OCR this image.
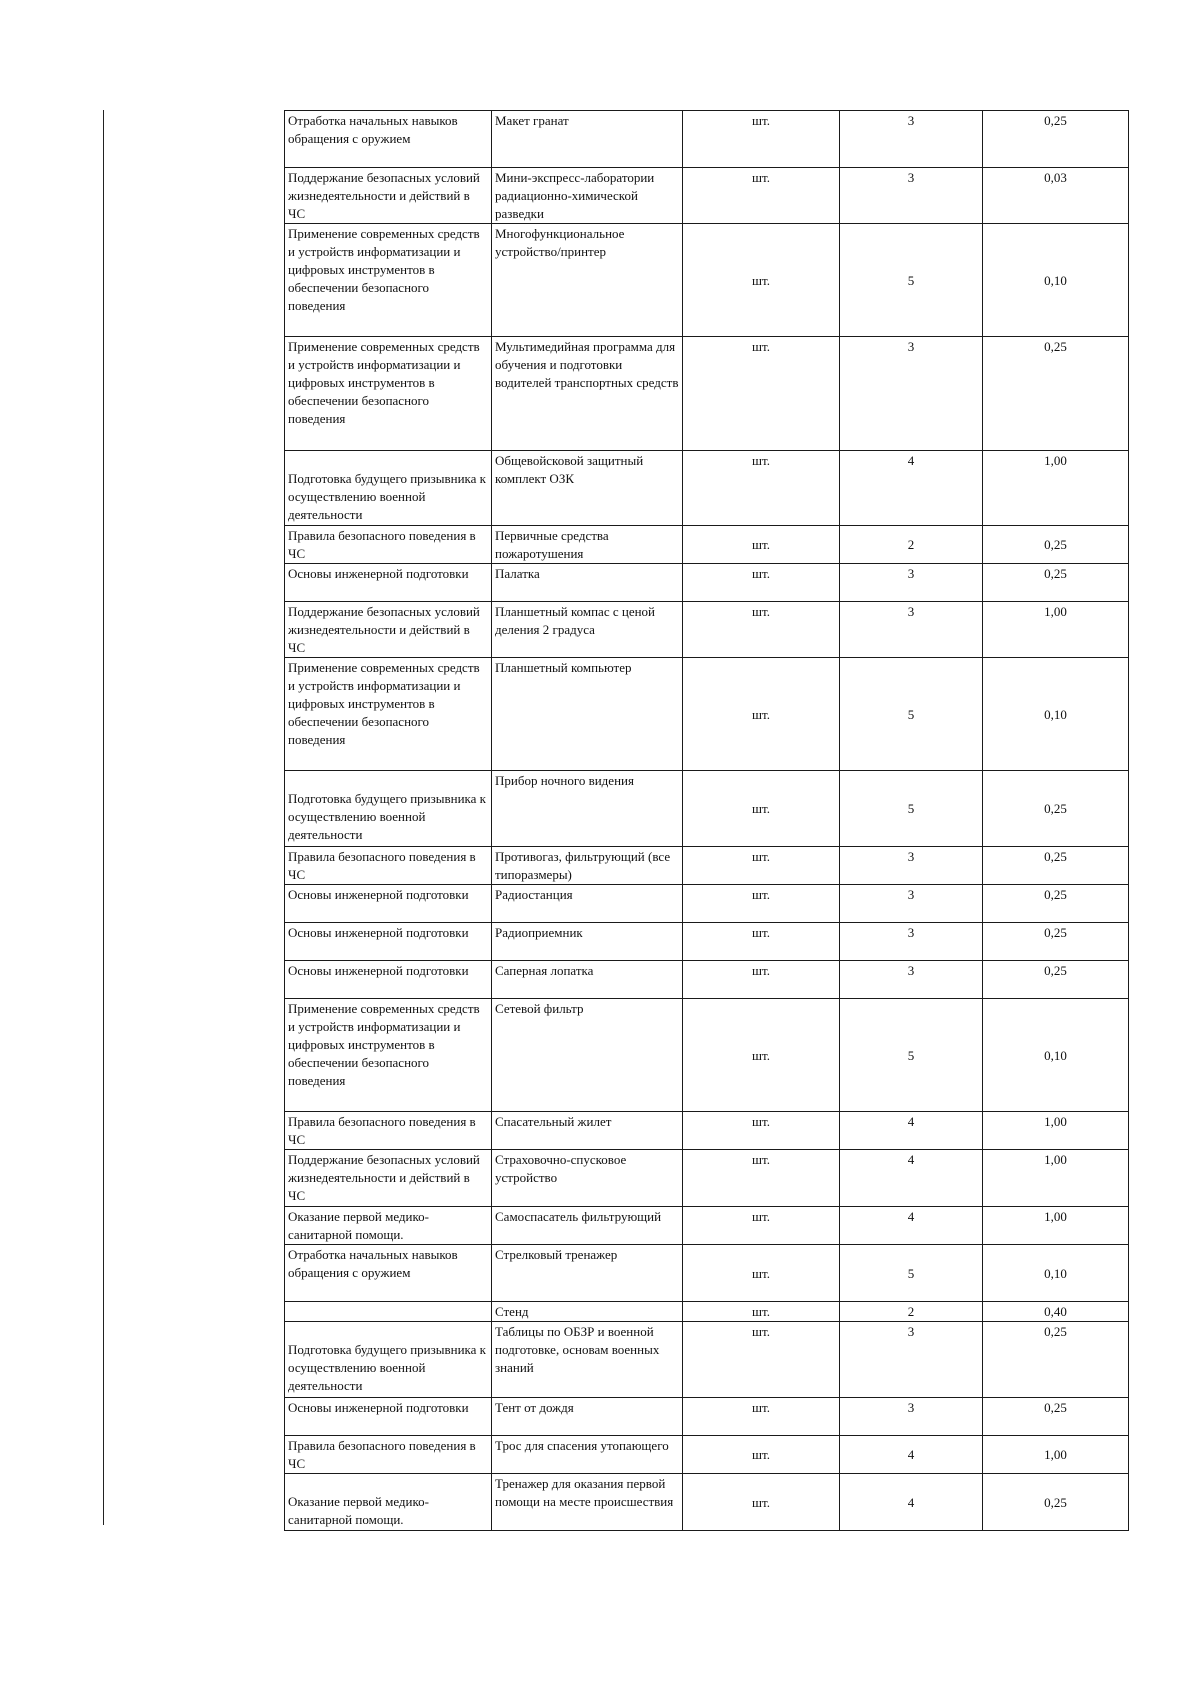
Отработка начальных навыков обращения с оружием	Макет гранат	шт.	3	0,25

Поддержание безопасных условий жизнедеятельности и действий в ЧС	Мини-экспресс-лаборатории радиационно-химической разведки	шт.	3	0,03

Применение современных средств и устройств информатизации и цифровых инструментов в обеспечении безопасного поведения	Многофункциональное устройство/принтер	шт.	5	0,10

Применение современных средств и устройств информатизации и цифровых инструментов в обеспечении безопасного поведения	Мультимедийная программа для обучения и подготовки водителей транспортных средств	шт.	3	0,25

Подготовка будущего призывника к осуществлению военной деятельности	Общевойсковой защитный комплект ОЗК	шт.	4	1,00

Правила безопасного поведения в ЧС	Первичные средства пожаротушения	шт.	2	0,25

Основы инженерной подготовки	Палатка	шт.	3	0,25

Поддержание безопасных условий жизнедеятельности и действий в ЧС	Планшетный компас с ценой деления 2 градуса	шт.	3	1,00

Применение современных средств и устройств информатизации и цифровых инструментов в обеспечении безопасного поведения	Планшетный компьютер	шт.	5	0,10

Подготовка будущего призывника к осуществлению военной деятельности	Прибор ночного видения	шт.	5	0,25

Правила безопасного поведения в ЧС	Противогаз, фильтрующий (все типоразмеры)	шт.	3	0,25

Основы инженерной подготовки	Радиостанция	шт.	3	0,25

Основы инженерной подготовки	Радиоприемник	шт.	3	0,25

Основы инженерной подготовки	Саперная лопатка	шт.	3	0,25

Применение современных средств и устройств информатизации и цифровых инструментов в обеспечении безопасного поведения	Сетевой фильтр	шт.	5	0,10

Правила безопасного поведения в ЧС	Спасательный жилет	шт.	4	1,00

Поддержание безопасных условий жизнедеятельности и действий в ЧС	Страховочно-спусковое устройство	шт.	4	1,00

Оказание первой медико-санитарной помощи.	Самоспасатель фильтрующий	шт.	4	1,00

Отработка начальных навыков обращения с оружием	Стрелковый тренажер	шт.	5	0,10

	Стенд	шт.	2	0,40

Подготовка будущего призывника к осуществлению военной деятельности	Таблицы по ОБЗР и военной подготовке, основам военных знаний	шт.	3	0,25

Основы инженерной подготовки	Тент от дождя	шт.	3	0,25

Правила безопасного поведения в ЧС	Трос для спасения утопающего	шт.	4	1,00

Оказание первой медико-санитарной помощи.	Тренажер для оказания первой помощи на месте происшествия	шт.	4	0,25
